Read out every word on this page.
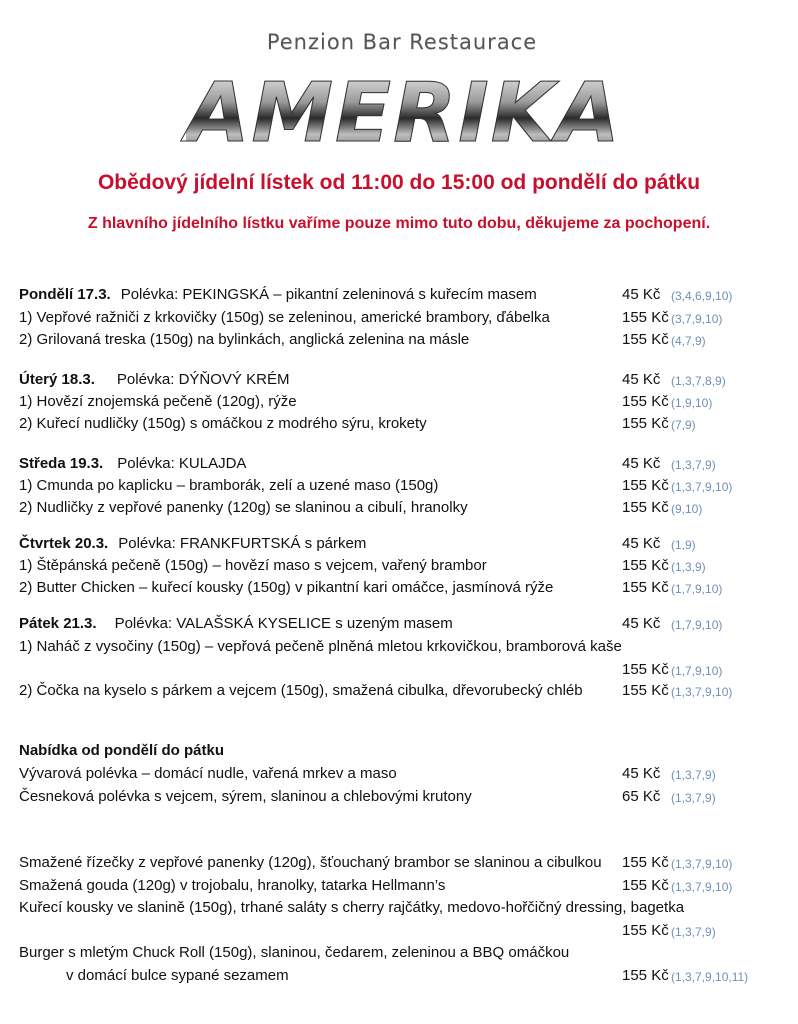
Penzion Bar Restaurace
AMERIKA
Obědový jídelní lístek od 11:00 do 15:00 od pondělí do pátku
Z hlavního jídelního lístku vaříme pouze mimo tuto dobu, děkujeme za pochopení.
Pondělí 17.3. Polévka: PEKINGSKÁ – pikantní zeleninová s kuřecím masem	45 Kč (3,4,6,9,10)
1) Vepřové ražniči z krkovičky (150g) se zeleninou, americké brambory, ďábelka	155 Kč (3,7,9,10)
2) Grilovaná treska (150g) na bylinkách, anglická zelenina na másle	155 Kč (4,7,9)
Úterý 18.3. Polévka: DÝŇOVÝ KRÉM	45 Kč (1,3,7,8,9)
1) Hovězí znojemská pečeně (120g), rýže	155 Kč (1,9,10)
2) Kuřecí nudličky (150g) s omáčkou z modrého sýru, krokety	155 Kč (7,9)
Středa 19.3. Polévka: KULAJDA	45 Kč (1,3,7,9)
1) Cmunda po kaplicku – bramborák, zelí a uzené maso (150g)	155 Kč (1,3,7,9,10)
2) Nudličky z vepřové panenky (120g) se slaninou a cibulí, hranolky	155 Kč (9,10)
Čtvrtek 20.3. Polévka: FRANKFURTSKÁ s párkem	45 Kč (1,9)
1) Štěpánská pečeně (150g) – hovězí maso s vejcem, vařený brambor	155 Kč (1,3,9)
2) Butter Chicken – kuřecí kousky (150g) v pikantní kari omáčce, jasmínová rýže	155 Kč (1,7,9,10)
Pátek 21.3. Polévka: VALAŠSKÁ KYSELICE s uzeným masem	45 Kč (1,7,9,10)
1) Naháč z vysočiny (150g) – vepřová pečeně plněná mletou krkovičkou, bramborová kaše
155 Kč (1,7,9,10)
2) Čočka na kyselo s párkem a vejcem (150g), smažená cibulka, dřevorubecký chléb	155 Kč (1,3,7,9,10)
Nabídka od pondělí do pátku
Vývarová polévka – domácí nudle, vařená mrkev a maso	45 Kč (1,3,7,9)
Česneková polévka s vejcem, sýrem, slaninou a chlebovými krutony	65 Kč (1,3,7,9)
Smažené řízečky z vepřové panenky (120g), šťouchaný brambor se slaninou a cibulkou 155 Kč (1,3,7,9,10)
Smažená gouda (120g) v trojobalu, hranolky, tatarka Hellmann’s	155 Kč (1,3,7,9,10)
Kuřecí kousky ve slanině (150g), trhané saláty s cherry rajčátky, medovo-hořčičný dressing, bagetka
155 Kč (1,3,7,9)
Burger s mletým Chuck Roll (150g), slaninou, čedarem, zeleninou a BBQ omáčkou
v domácí bulce sypané sezamem	155 Kč (1,3,7,9,10,11)
